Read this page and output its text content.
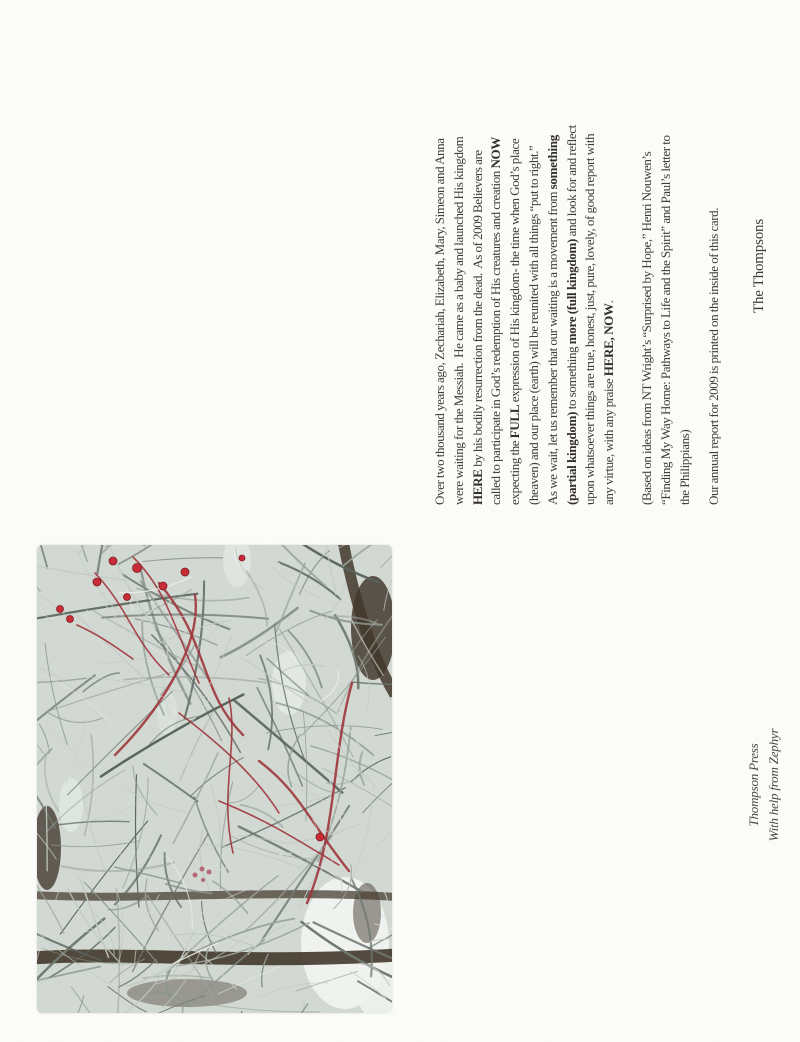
Over two thousand years ago, Zechariah, Elizabeth, Mary, Simeon and Anna were waiting for the Messiah.  He came as a baby and launched His kingdom HERE by his bodily resurrection from the dead.  As of 2009 Believers are called to participate in God’s redemption of His creatures and creation NOW
expecting the FULL expression of His kingdom- the time when God’s place (heaven) and our place (earth) will be reunited with all things “put to right.” As we wait, let us remember that our waiting is a movement from something
(partial kingdom) to something more (full kingdom) and look for and reflect upon whatsoever things are true, honest, just, pure, lovely, of good report with any virtue, with any praise HERE, NOW. (Based on ideas from NT Wright’s “Surprised by Hope,” Henri Nouwen’s “Finding My Way Home: Pathways to Life and the Spirit” and Paul’s letter to the Philippians) Our annual report for 2009 is printed on the inside of this card. The Thompsons
Thompson Press With help from Zephyr
